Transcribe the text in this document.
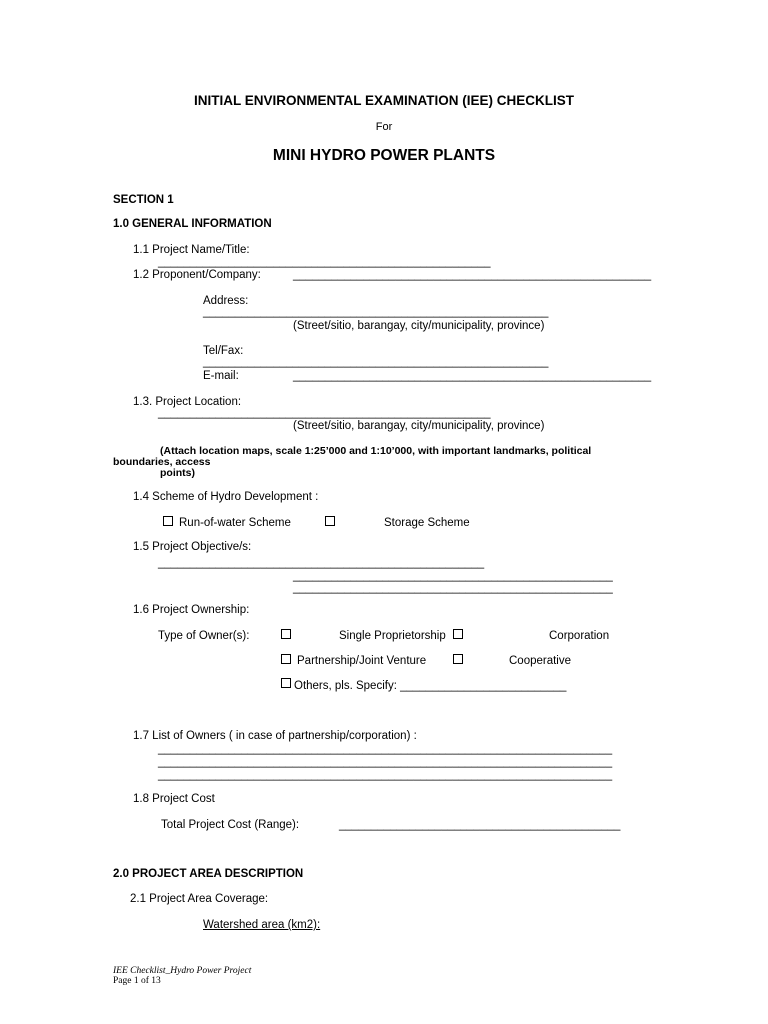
INITIAL ENVIRONMENTAL EXAMINATION (IEE) CHECKLIST
For
MINI HYDRO POWER PLANTS
SECTION 1
1.0 GENERAL INFORMATION
1.1 Project Name/Title:
____________________________________________________
1.2 Proponent/Company:	________________________________________________________
Address:
______________________________________________________
(Street/sitio, barangay, city/municipality, province)
Tel/Fax:
______________________________________________________
E-mail:	________________________________________________________
1.3. Project Location:
____________________________________________________
(Street/sitio, barangay, city/municipality, province)
(Attach location maps, scale 1:25’000 and 1:10’000, with important landmarks, political
boundaries, access
points)
1.4 Scheme of Hydro Development :
Run-of-water Scheme	Storage Scheme
1.5 Project Objective/s:
___________________________________________________
__________________________________________________
__________________________________________________
1.6 Project Ownership:
Type of Owner(s):	Single Proprietorship	Corporation
Partnership/Joint Venture	Cooperative
Others, pls. Specify: __________________________
1.7 List of Owners ( in case of partnership/corporation) :
_______________________________________________________________________
_______________________________________________________________________
_______________________________________________________________________
1.8 Project Cost
Total Project Cost (Range):	____________________________________________
2.0 PROJECT AREA DESCRIPTION
2.1 Project Area Coverage:
Watershed area (km2):
IEE Checklist_Hydro Power Project
Page 1 of 13
